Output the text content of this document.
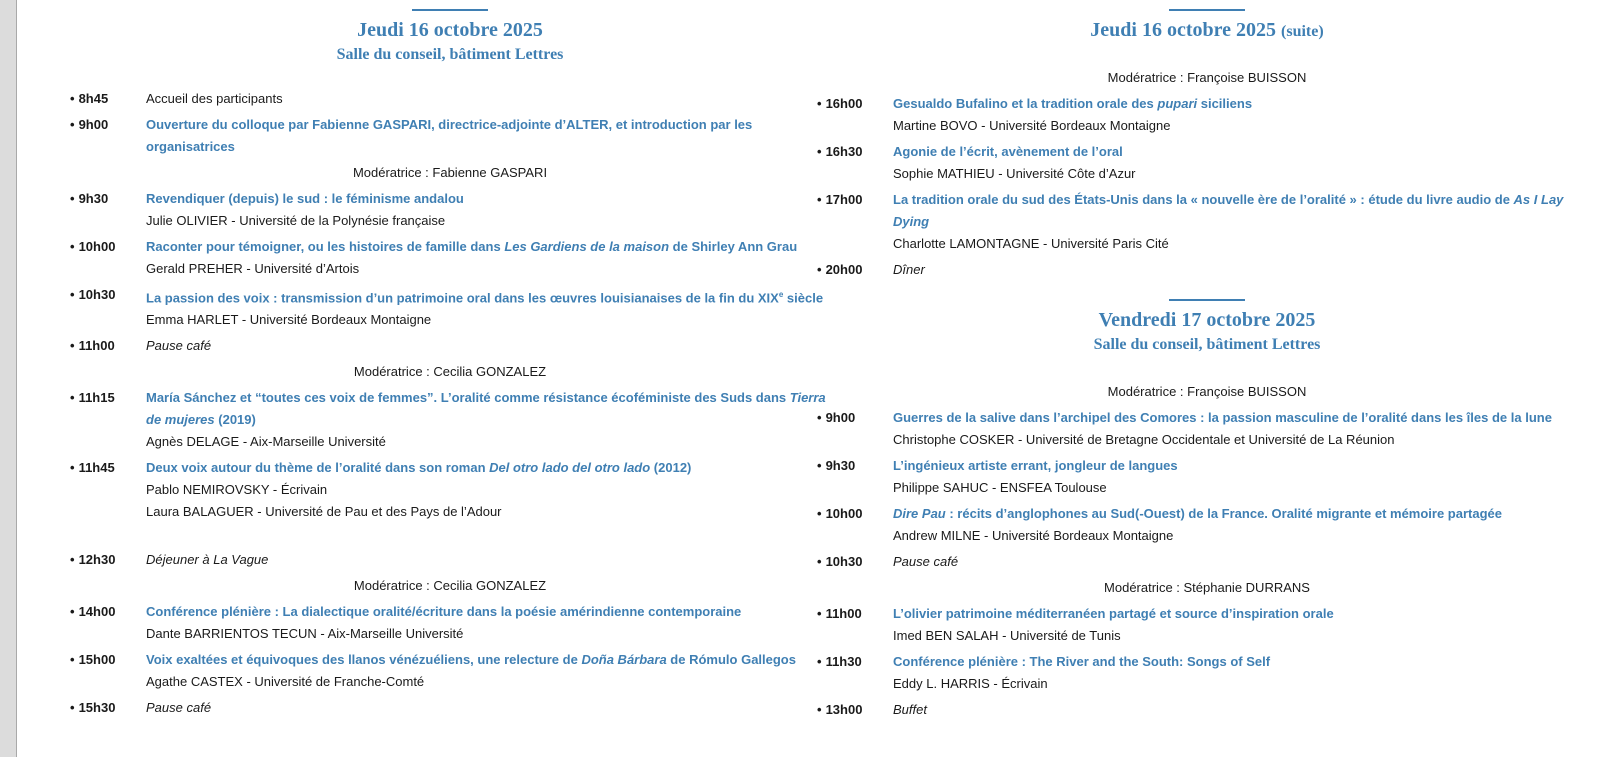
Jeudi 16 octobre 2025
Salle du conseil, bâtiment Lettres
• 8h45	Accueil des participants
• 9h00	Ouverture du colloque par Fabienne GASPARI, directrice-adjointe d’ALTER, et introduction par les organisatrices
Modératrice : Fabienne GASPARI
• 9h30	Revendiquer (depuis) le sud : le féminisme andalou
Julie OLIVIER - Université de la Polynésie française
• 10h00	Raconter pour témoigner, ou les histoires de famille dans Les Gardiens de la maison de Shirley Ann Grau
Gerald PREHER - Université d’Artois
• 10h30	La passion des voix : transmission d’un patrimoine oral dans les œuvres louisianaises de la fin du XIXe siècle
Emma HARLET - Université Bordeaux Montaigne
• 11h00	Pause café
Modératrice : Cecilia GONZALEZ
• 11h15	María Sánchez et “toutes ces voix de femmes”. L’oralité comme résistance écoféministe des Suds dans Tierra de mujeres (2019)
Agnès DELAGE - Aix-Marseille Université
• 11h45	Deux voix autour du thème de l’oralité dans son roman Del otro lado del otro lado (2012)
Pablo NEMIROVSKY - Écrivain
Laura BALAGUER - Université de Pau et des Pays de l’Adour
• 12h30	Déjeuner à La Vague
Modératrice : Cecilia GONZALEZ
• 14h00	Conférence plénière : La dialectique oralité/écriture dans la poésie amérindienne contemporaine
Dante BARRIENTOS TECUN - Aix-Marseille Université
• 15h00	Voix exaltées et équivoques des llanos vénézuéliens, une relecture de Doña Bárbara de Rómulo Gallegos
Agathe CASTEX - Université de Franche-Comté
• 15h30	Pause café
Jeudi 16 octobre 2025 (suite)
Modératrice : Françoise BUISSON
• 16h00	Gesualdo Bufalino et la tradition orale des pupari siciliens
Martine BOVO - Université Bordeaux Montaigne
• 16h30	Agonie de l’écrit, avènement de l’oral
Sophie MATHIEU - Université Côte d’Azur
• 17h00	La tradition orale du sud des États-Unis dans la « nouvelle ère de l’oralité » : étude du livre audio de As I Lay Dying
Charlotte LAMONTAGNE - Université Paris Cité
• 20h00	Dîner
Vendredi 17 octobre 2025
Salle du conseil, bâtiment Lettres
Modératrice : Françoise BUISSON
• 9h00	Guerres de la salive dans l’archipel des Comores : la passion masculine de l’oralité dans les îles de la lune
Christophe COSKER - Université de Bretagne Occidentale et Université de La Réunion
• 9h30	L’ingénieux artiste errant, jongleur de langues
Philippe SAHUC - ENSFEA Toulouse
• 10h00	Dire Pau : récits d’anglophones au Sud(-Ouest) de la France. Oralité migrante et mémoire partagée
Andrew MILNE - Université Bordeaux Montaigne
• 10h30	Pause café
Modératrice : Stéphanie DURRANS
• 11h00	L’olivier patrimoine méditerranéen partagé et source d’inspiration orale
Imed BEN SALAH - Université de Tunis
• 11h30	Conférence plénière : The River and the South: Songs of Self
Eddy L. HARRIS - Écrivain
• 13h00	Buffet
